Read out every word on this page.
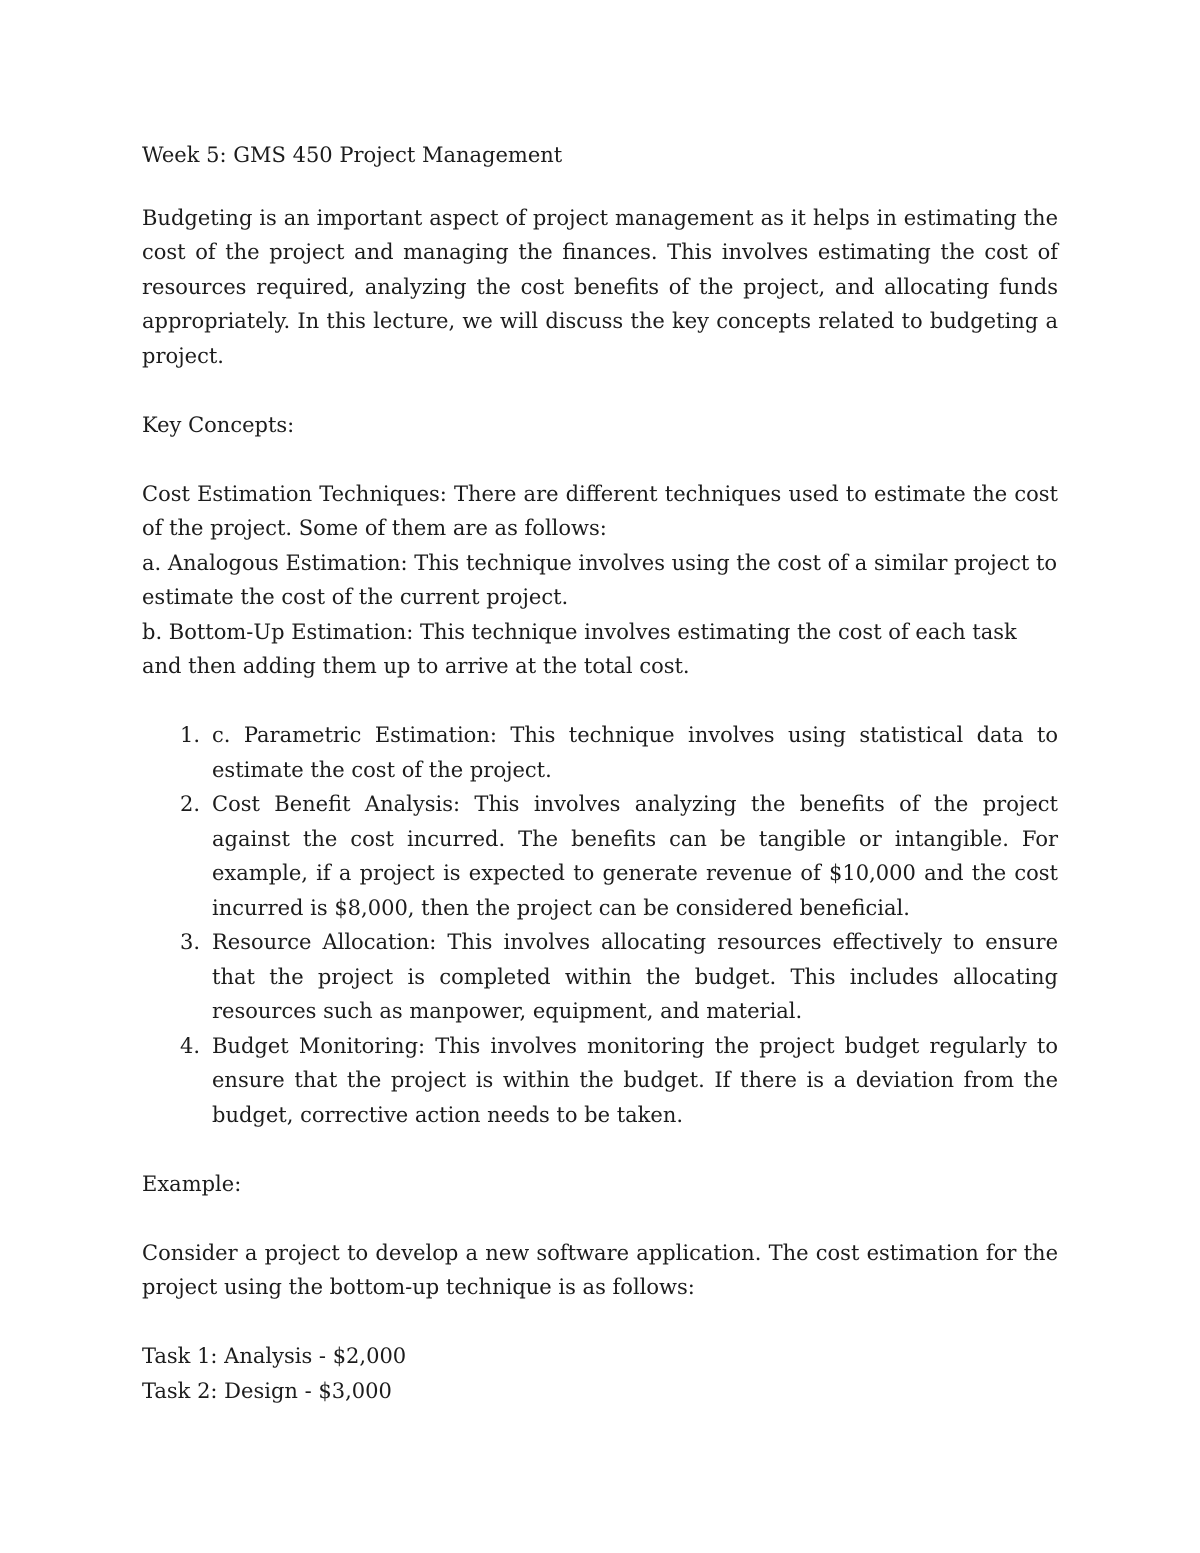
Week 5: GMS 450 Project Management

Budgeting is an important aspect of project management as it helps in estimating the cost of the project and managing the finances. This involves estimating the cost of resources required, analyzing the cost benefits of the project, and allocating funds appropriately. In this lecture, we will discuss the key concepts related to budgeting a project.

Key Concepts:

Cost Estimation Techniques: There are different techniques used to estimate the cost of the project. Some of them are as follows:

a. Analogous Estimation: This technique involves using the cost of a similar project to estimate the cost of the current project.

b. Bottom-Up Estimation: This technique involves estimating the cost of each task and then adding them up to arrive at the total cost.

1. c. Parametric Estimation: This technique involves using statistical data to estimate the cost of the project.
2. Cost Benefit Analysis: This involves analyzing the benefits of the project against the cost incurred. The benefits can be tangible or intangible. For example, if a project is expected to generate revenue of $10,000 and the cost incurred is $8,000, then the project can be considered beneficial.
3. Resource Allocation: This involves allocating resources effectively to ensure that the project is completed within the budget. This includes allocating resources such as manpower, equipment, and material.
4. Budget Monitoring: This involves monitoring the project budget regularly to ensure that the project is within the budget. If there is a deviation from the budget, corrective action needs to be taken.

Example:

Consider a project to develop a new software application. The cost estimation for the project using the bottom-up technique is as follows:

Task 1: Analysis - $2,000

Task 2: Design - $3,000
